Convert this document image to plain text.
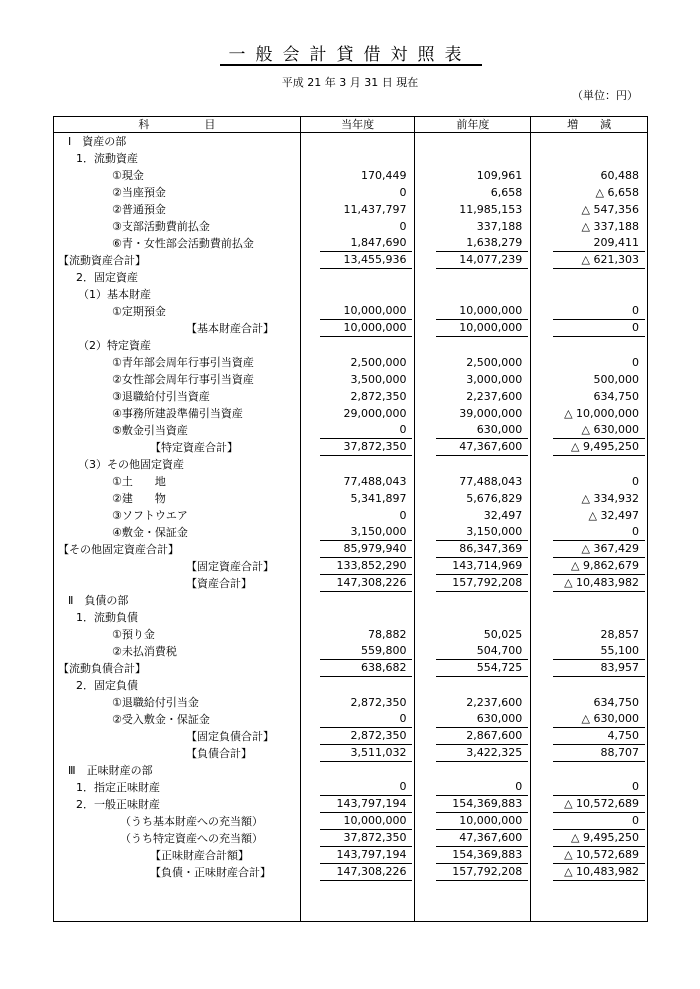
一般会計貸借対照表
平成 21 年 3 月 31 日 現在
（単位：円）
科　　　　　目	当年度	前年度	増　　減
Ⅰ　資産の部			
1．流動資産			
①現金	170,449	109,961	60,488
②当座預金	0	6,658	△ 6,658
②普通預金	11,437,797	11,985,153	△ 547,356
③支部活動費前払金	0	337,188	△ 337,188
⑥青・女性部会活動費前払金	1,847,690	1,638,279	209,411
【流動資産合計】	13,455,936	14,077,239	△ 621,303
2．固定資産			
（1）基本財産			
①定期預金	10,000,000	10,000,000	0
【基本財産合計】	10,000,000	10,000,000	0
（2）特定資産			
①青年部会周年行事引当資産	2,500,000	2,500,000	0
②女性部会周年行事引当資産	3,500,000	3,000,000	500,000
③退職給付引当資産	2,872,350	2,237,600	634,750
④事務所建設準備引当資産	29,000,000	39,000,000	△ 10,000,000
⑤敷金引当資産	0	630,000	△ 630,000
【特定資産合計】	37,872,350	47,367,600	△ 9,495,250
（3）その他固定資産			
①土　　地	77,488,043	77,488,043	0
②建　　物	5,341,897	5,676,829	△ 334,932
③ソフトウエア	0	32,497	△ 32,497
④敷金・保証金	3,150,000	3,150,000	0
【その他固定資産合計】	85,979,940	86,347,369	△ 367,429
【固定資産合計】	133,852,290	143,714,969	△ 9,862,679
【資産合計】	147,308,226	157,792,208	△ 10,483,982
Ⅱ　負債の部			
1．流動負債			
①預り金	78,882	50,025	28,857
②未払消費税	559,800	504,700	55,100
【流動負債合計】	638,682	554,725	83,957
2．固定負債			
①退職給付引当金	2,872,350	2,237,600	634,750
②受入敷金・保証金	0	630,000	△ 630,000
【固定負債合計】	2,872,350	2,867,600	4,750
【負債合計】	3,511,032	3,422,325	88,707
Ⅲ　正味財産の部			
1．指定正味財産	0	0	0
2．一般正味財産	143,797,194	154,369,883	△ 10,572,689
（うち基本財産への充当額）	10,000,000	10,000,000	0
（うち特定資産への充当額）	37,872,350	47,367,600	△ 9,495,250
【正味財産合計額】	143,797,194	154,369,883	△ 10,572,689
【負債・正味財産合計】	147,308,226	157,792,208	△ 10,483,982
